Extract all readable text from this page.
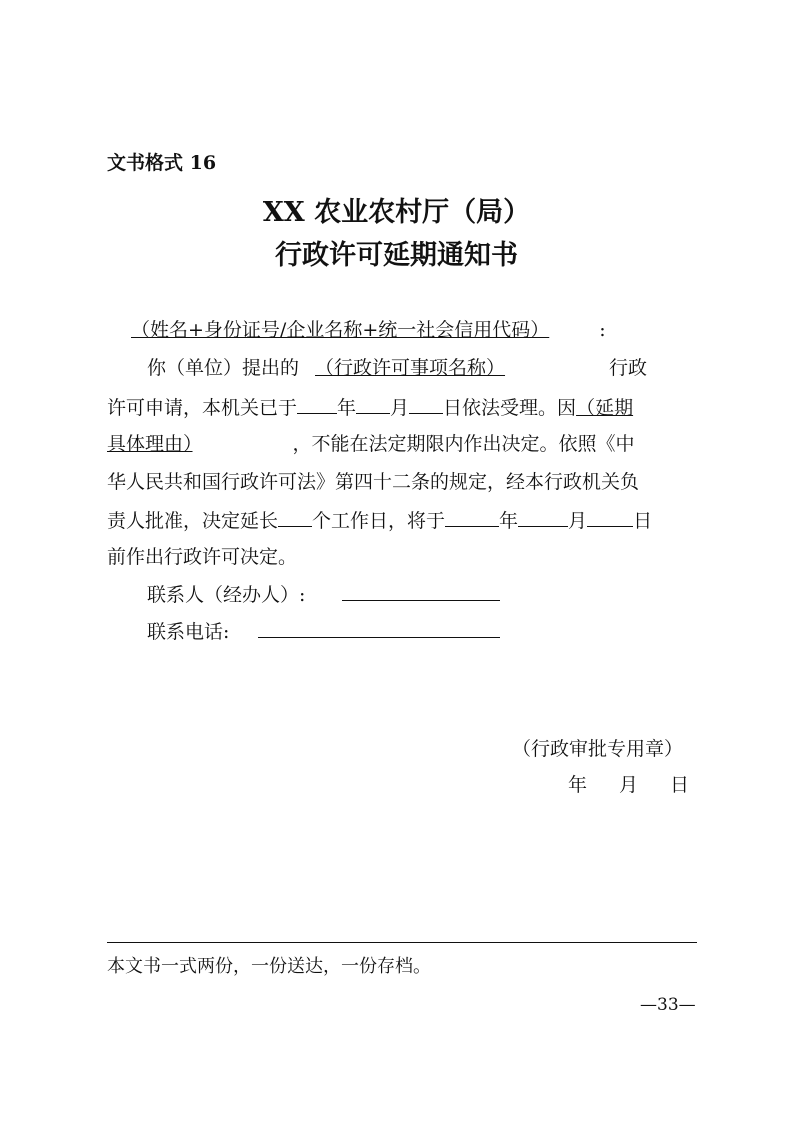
文书格式 16
XX 农业农村厅（局）
行政许可延期通知书
（姓名+身份证号/企业名称+统一社会信用代码）	:
你（单位）提出的 （行政许可事项名称）	行政
许可申请，本机关已于 年 月 日依法受理。因（延期
具体理由）	，不能在法定期限内作出决定。依照《中
华人民共和国行政许可法》第四十二条的规定，经本行政机关负
责人批准，决定延长 个工作日，将于	年	月 日
前作出行政许可决定。
联系人（经办人）:
联系电话:
（行政审批专用章）
年 月 日
本文书一式两份，一份送达，一份存档。
—33—
